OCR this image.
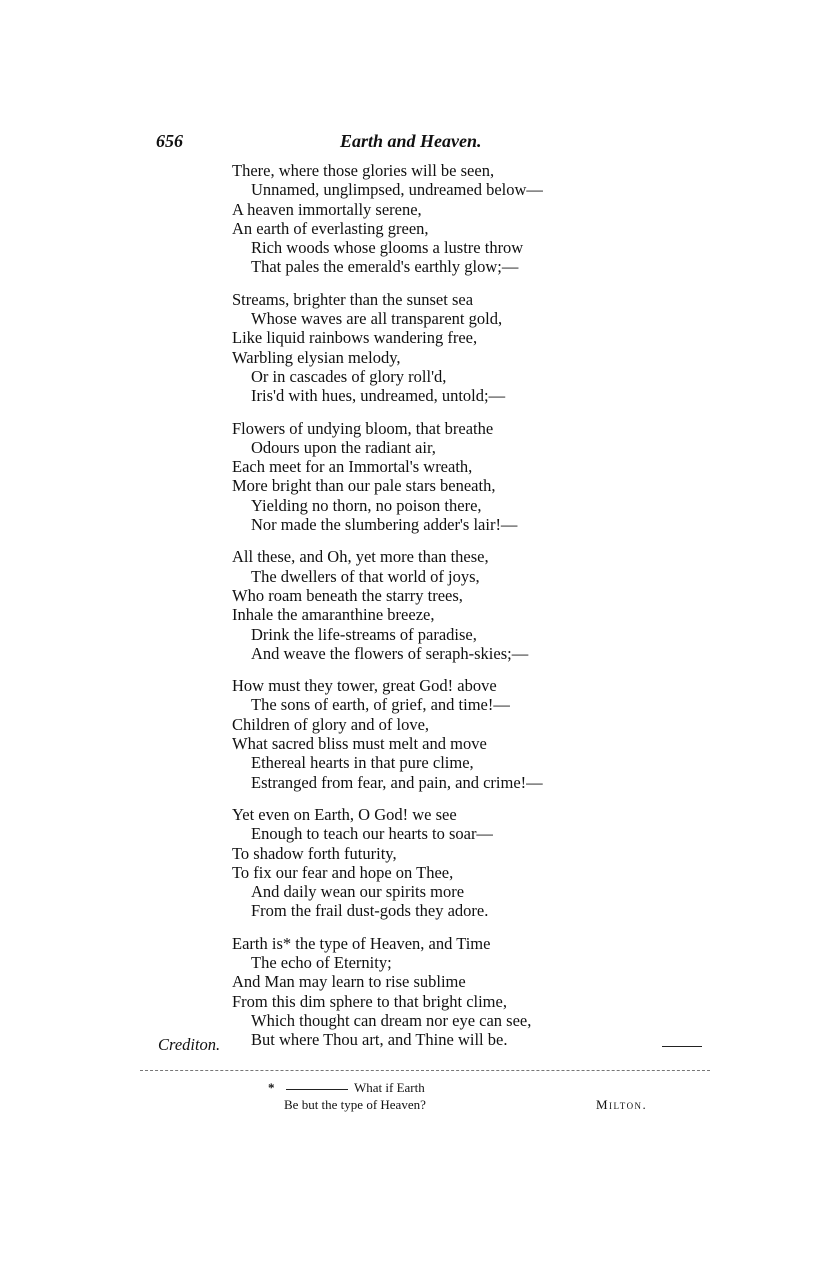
656	Earth and Heaven.
There, where those glories will be seen,
Unnamed, unglimpsed, undreamed below—
A heaven immortally serene,
An earth of everlasting green,
Rich woods whose glooms a lustre throw
That pales the emerald's earthly glow;—
Streams, brighter than the sunset sea
Whose waves are all transparent gold,
Like liquid rainbows wandering free,
Warbling elysian melody,
Or in cascades of glory roll'd,
Iris'd with hues, undreamed, untold;—
Flowers of undying bloom, that breathe
Odours upon the radiant air,
Each meet for an Immortal's wreath,
More bright than our pale stars beneath,
Yielding no thorn, no poison there,
Nor made the slumbering adder's lair!—
All these, and Oh, yet more than these,
The dwellers of that world of joys,
Who roam beneath the starry trees,
Inhale the amaranthine breeze,
Drink the life-streams of paradise,
And weave the flowers of seraph-skies;—
How must they tower, great God! above
The sons of earth, of grief, and time!—
Children of glory and of love,
What sacred bliss must melt and move
Ethereal hearts in that pure clime,
Estranged from fear, and pain, and crime!—
Yet even on Earth, O God! we see
Enough to teach our hearts to soar—
To shadow forth futurity,
To fix our fear and hope on Thee,
And daily wean our spirits more
From the frail dust-gods they adore.
Earth is* the type of Heaven, and Time
The echo of Eternity;
And Man may learn to rise sublime
From this dim sphere to that bright clime,
Which thought can dream nor eye can see,
But where Thou art, and Thine will be.
Crediton.
*	What if Earth
Be but the type of Heaven?	Milton.
